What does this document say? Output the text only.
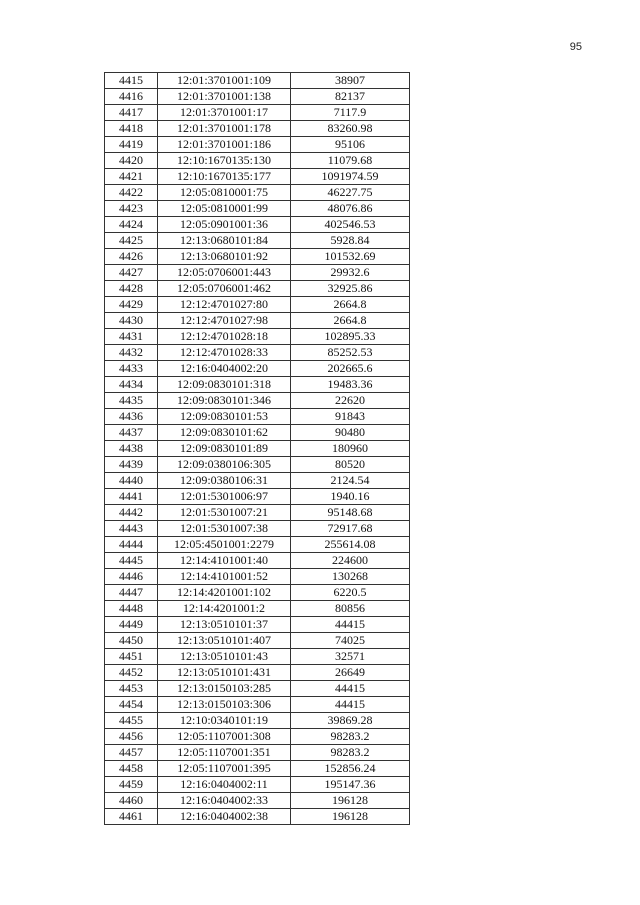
95
4415	12:01:3701001:109	38907
4416	12:01:3701001:138	82137
4417	12:01:3701001:17	7117.9
4418	12:01:3701001:178	83260.98
4419	12:01:3701001:186	95106
4420	12:10:1670135:130	11079.68
4421	12:10:1670135:177	1091974.59
4422	12:05:0810001:75	46227.75
4423	12:05:0810001:99	48076.86
4424	12:05:0901001:36	402546.53
4425	12:13:0680101:84	5928.84
4426	12:13:0680101:92	101532.69
4427	12:05:0706001:443	29932.6
4428	12:05:0706001:462	32925.86
4429	12:12:4701027:80	2664.8
4430	12:12:4701027:98	2664.8
4431	12:12:4701028:18	102895.33
4432	12:12:4701028:33	85252.53
4433	12:16:0404002:20	202665.6
4434	12:09:0830101:318	19483.36
4435	12:09:0830101:346	22620
4436	12:09:0830101:53	91843
4437	12:09:0830101:62	90480
4438	12:09:0830101:89	180960
4439	12:09:0380106:305	80520
4440	12:09:0380106:31	2124.54
4441	12:01:5301006:97	1940.16
4442	12:01:5301007:21	95148.68
4443	12:01:5301007:38	72917.68
4444	12:05:4501001:2279	255614.08
4445	12:14:4101001:40	224600
4446	12:14:4101001:52	130268
4447	12:14:4201001:102	6220.5
4448	12:14:4201001:2	80856
4449	12:13:0510101:37	44415
4450	12:13:0510101:407	74025
4451	12:13:0510101:43	32571
4452	12:13:0510101:431	26649
4453	12:13:0150103:285	44415
4454	12:13:0150103:306	44415
4455	12:10:0340101:19	39869.28
4456	12:05:1107001:308	98283.2
4457	12:05:1107001:351	98283.2
4458	12:05:1107001:395	152856.24
4459	12:16:0404002:11	195147.36
4460	12:16:0404002:33	196128
4461	12:16:0404002:38	196128
